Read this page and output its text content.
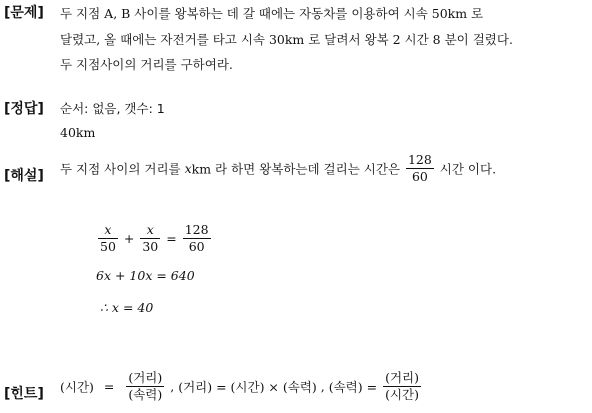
[문제] 두 지점 A, B 사이를 왕복하는 데 갈 때에는 자동차를 이용하여 시속 50km 로
달렸고, 올 때에는 자전거를 타고 시속 30km 로 달려서 왕복 2 시간 8 분이 걸렸다.
두 지점사이의 거리를 구하여라.
[정답] 순서: 없음, 갯수: 1
40km
[해설] 두 지점 사이의 거리를 xkm 라 하면 왕복하는데 걸리는 시간은 $\frac{128}{60}$ 시간 이다.
$\frac{x}{50} + \frac{x}{30} = \frac{128}{60}$
6x + 10x = 640
∴ x = 40
[힌트] (시간) = $\frac{\text{(거리)}}{\text{(속력)}}$ , (거리) = (시간) × (속력) , (속력) = $\frac{\text{(거리)}}{\text{(시간)}}$
